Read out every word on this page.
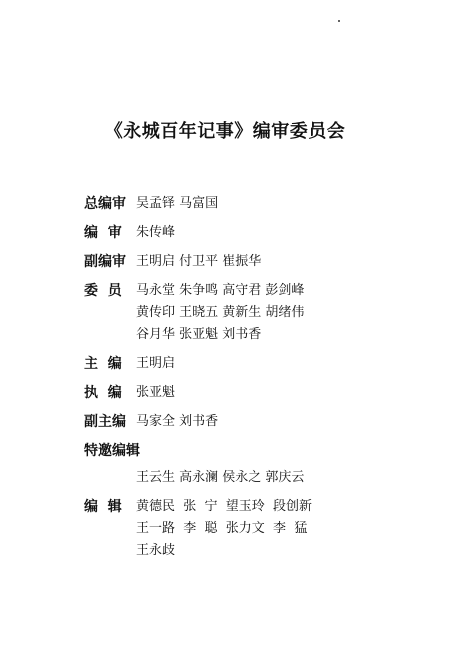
《永城百年记事》编审委员会
总编审 吴孟铎 马富国
编  审	朱传峰
副编审 王明启 付卫平 崔振华
委  员	马永堂 朱争鸣 高守君 彭剑峰
黄传印 王晓五 黄新生 胡绪伟
谷月华 张亚魁 刘书香
主  编	王明启
执  编	张亚魁
副主编 马家全 刘书香
特邀编辑
王云生 高永澜 侯永之 郭庆云
编  辑	黄德民  张  宁  望玉玲  段创新
王一路  李  聪  张力文  李  猛
王永歧
